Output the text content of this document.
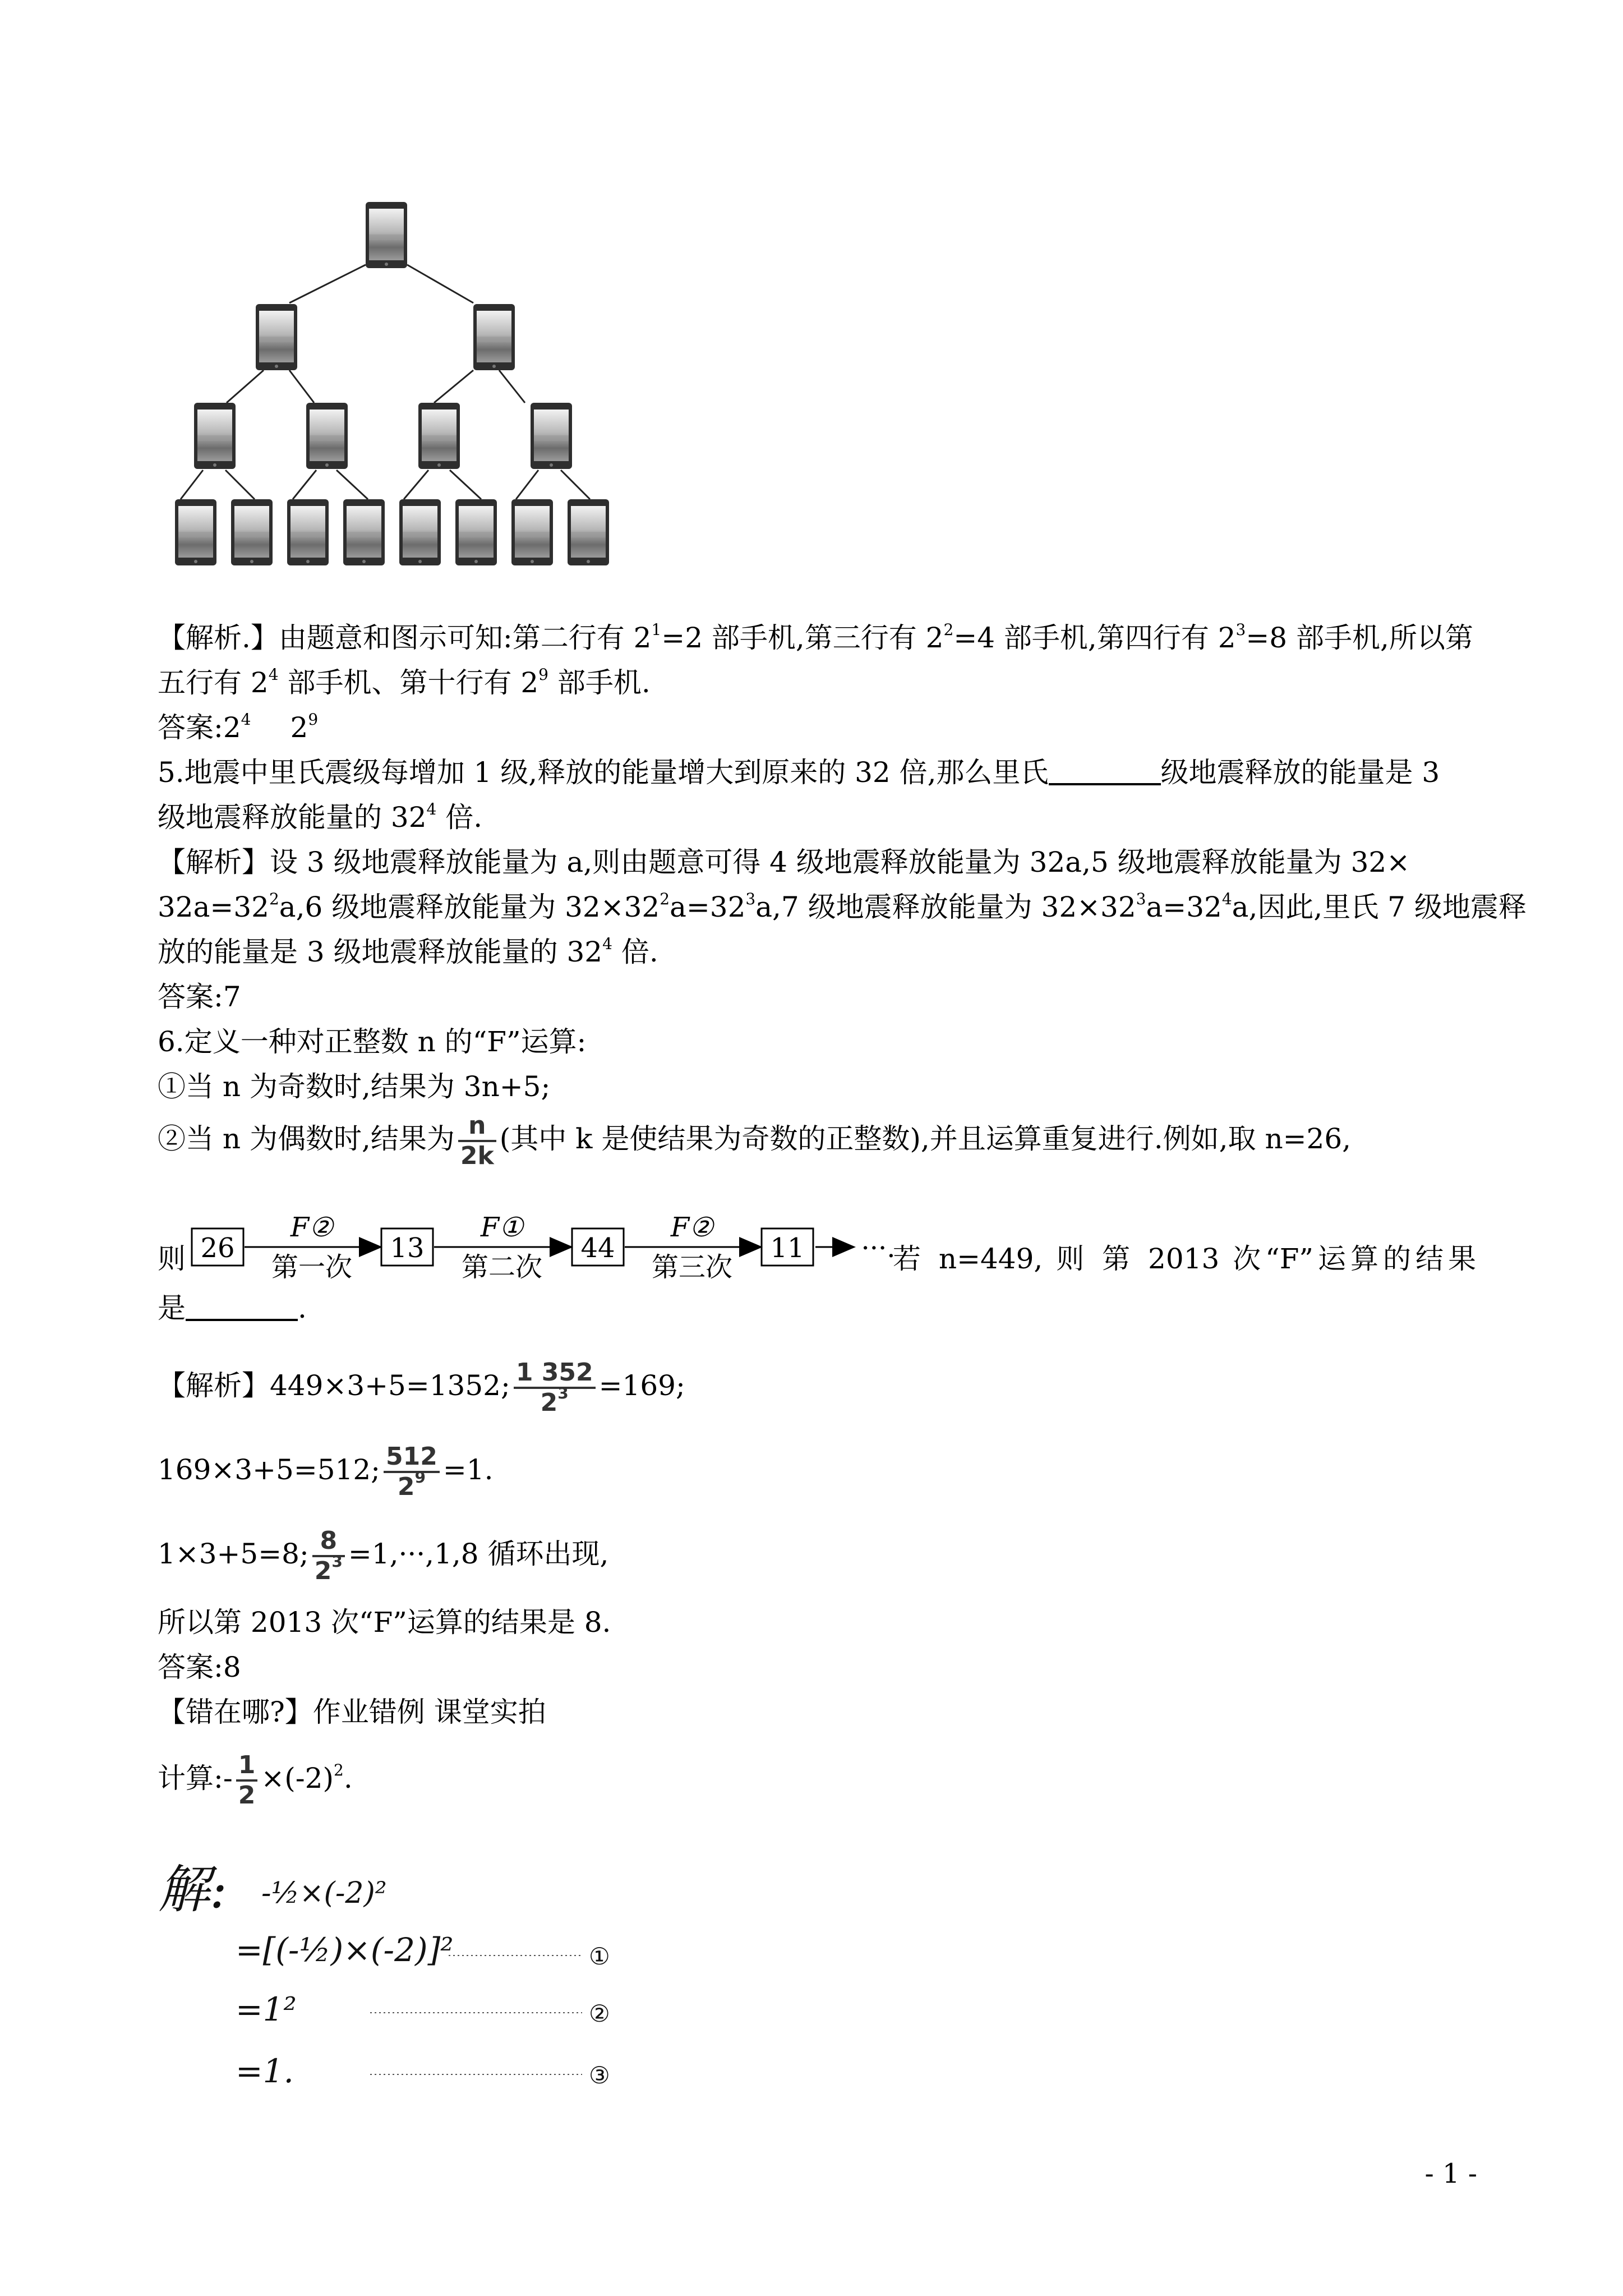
【解析.】由题意和图示可知:第二行有 $2^1=2$ 部手机,第三行有 $2^2=4$ 部手机,第四行有 $2^3=8$ 部手机,所以第
五行有 $2^4$ 部手机、第十行有 $2^9$ 部手机.
答案$:2^4$ $2^9$
5.地震中里氏震级每增加 1 级,释放的能量增大到原来的 32 倍,那么里氏	级地震释放的能量是 3
级地震释放能量的 $32^4$ 倍.
【解析】设 3 级地震释放能量为 a,则由题意可得 4 级地震释放能量为 32a,5 级地震释放能量为 32×
$32a=32^2a,6$ 级地震释放能量为 $32\times 32^2a=32^3a,7$ 级地震释放能量为 $32\times 32^3a=32^4a$,因此,里氏 7 级地震释
放的能量是 3 级地震释放能量的 $32^4$ 倍.
答案:7
6.定义一种对正整数 n 的“F”运算:
①当 n 为奇数时,结果为 3n+5;
②当 n 为偶数时,结果为 $\frac{n}{2k}$ (其中 k 是使结果为奇数的正整数),并且运算重复进行.例如,取 n=26,
则 26	13	44	11
F②	F①	F②
第一次	第二次	第三次
···.
若 n=449, 则 第 2013 次“F”运算的结果
是	.
【解析】449×3+5=1352; $\frac{1 352}{2^3} =169$;
169×3+5=512; $\frac{512}{2^9} =1$.
1×3+5=8; $\frac{8}{2^3} =1,\cdot\cdot\cdot,1,8$ 循环出现,
所以第 2013 次“F”运算的结果是 8.
答案:8
【错在哪?】作业错例 课堂实拍
计算:- $\frac{1}{2} \times(-2)^2$.
解: -½×(-2)²
=[(-½)×(-2)]²
=1²
=1.
①
②
③
- 1 -
